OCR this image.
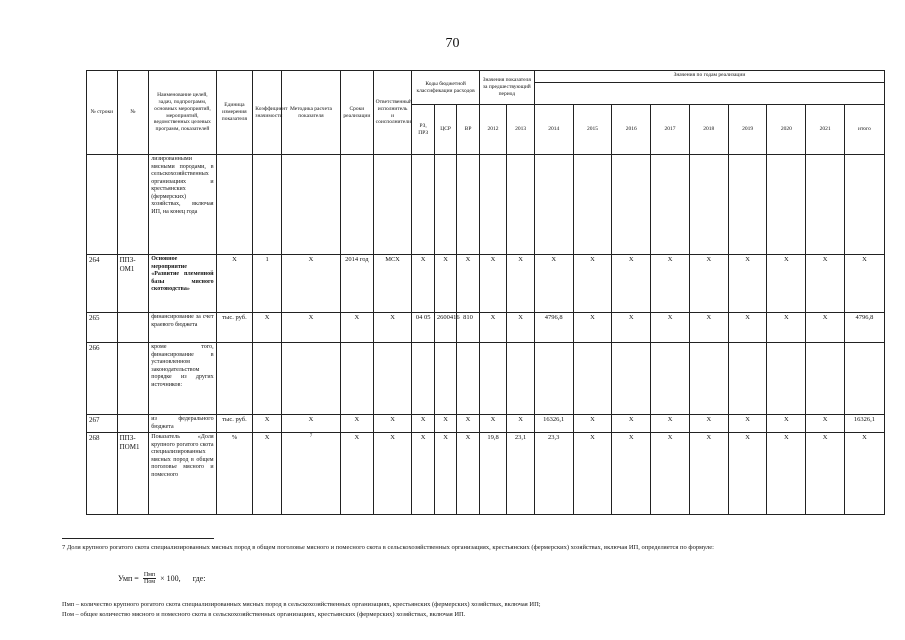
70
№ строки	№	Наименование целей, задач, подпрограмм, основных мероприятий, мероприятий, ведомственных целевых программ, показателей	Единица измерения показателя	Коэффициент значимости	Методика расчета показателя	Сроки реализации	Ответственный исполнитель и соисполнители	Коды бюджетной классификации расходов			Значения показателя за предшествующий период		Значения по годам реализации								

								РЗ, ПРЗ	ЦСР	ВР	2012	2013	2014	2015	2016	2017	2018	2019	2020	2021	итого
		лизированными мясными породами, в сельскохозяйственных организациях и крестьянских (фермерских) хозяйствах, включая ИП, на конец года																			
264	ППЗ-ОМ1	Основное мероприятие «Развитие племенной базы мясного скотоводства»	Х	1	Х	2014 год	МСХ	Х	Х	Х	Х	Х	Х	Х	Х	Х	Х	Х	Х	Х	Х
265		финансирование за счет краевого бюджета	тыс. руб.	Х	Х	Х	Х	04 05	2600416	810	Х	Х	4796,8	Х	Х	Х	Х	Х	Х	Х	4796,8
266		кроме того, финансирование в установленном законодательством порядке из других источников:																			
267		из федерального бюджета	тыс. руб.	Х	Х	Х	Х	Х	Х	Х	Х	Х	16326,1	Х	Х	Х	Х	Х	Х	Х	16326,1
268	ППЗ-ПОМ1	Показатель «Доля крупного рогатого скота специализированных мясных пород в общем поголовье мясного и помесного	%	Х	7	Х	Х	Х	Х	Х	19,8	23,1	23,3	Х	Х	Х	Х	Х	Х	Х	Х
7 Доля крупного рогатого скота специализированных мясных пород в общем поголовье мясного и помесного скота в сельскохозяйственных организациях, крестьянских (фермерских) хозяйствах, включая ИП, определяется по формуле:
Умп = $\frac{\text{Пмп}}{\text{Пом}} \times 100$, где:
Пмп – количество крупного рогатого скота специализированных мясных пород в сельскохозяйственных организациях, крестьянских (фермерских) хозяйствах, включая ИП;
Пом – общее количество мясного и помесного скота в сельскохозяйственных организациях, крестьянских (фермерских) хозяйствах, включая ИП.
